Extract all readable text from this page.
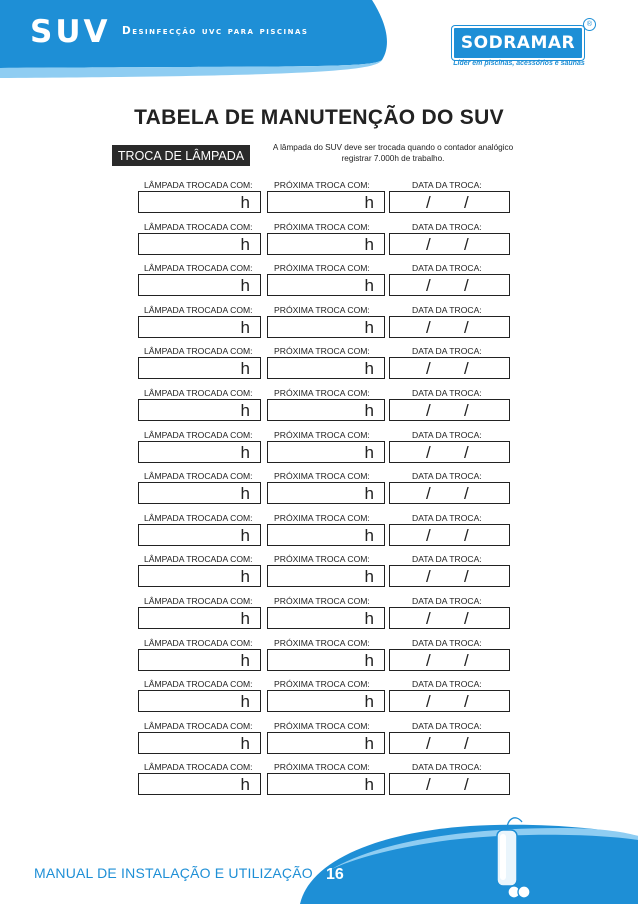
SUV Desinfecção uvc para piscinas
SODRAMAR
®
Líder em piscinas, acessórios e saunas
TABELA DE MANUTENÇÃO DO SUV
TROCA DE LÂMPADA
A lâmpada do SUV deve ser trocada quando o contador analógico registrar 7.000h de trabalho.
LÂMPADA TROCADA COM:
h
PRÓXIMA TROCA COM:
h
DATA DA TROCA:
/ /
LÂMPADA TROCADA COM:
h
PRÓXIMA TROCA COM:
h
DATA DA TROCA:
/ /
LÂMPADA TROCADA COM:
h
PRÓXIMA TROCA COM:
h
DATA DA TROCA:
/ /
LÂMPADA TROCADA COM:
h
PRÓXIMA TROCA COM:
h
DATA DA TROCA:
/ /
LÂMPADA TROCADA COM:
h
PRÓXIMA TROCA COM:
h
DATA DA TROCA:
/ /
LÂMPADA TROCADA COM:
h
PRÓXIMA TROCA COM:
h
DATA DA TROCA:
/ /
LÂMPADA TROCADA COM:
h
PRÓXIMA TROCA COM:
h
DATA DA TROCA:
/ /
LÂMPADA TROCADA COM:
h
PRÓXIMA TROCA COM:
h
DATA DA TROCA:
/ /
LÂMPADA TROCADA COM:
h
PRÓXIMA TROCA COM:
h
DATA DA TROCA:
/ /
LÂMPADA TROCADA COM:
h
PRÓXIMA TROCA COM:
h
DATA DA TROCA:
/ /
LÂMPADA TROCADA COM:
h
PRÓXIMA TROCA COM:
h
DATA DA TROCA:
/ /
LÂMPADA TROCADA COM:
h
PRÓXIMA TROCA COM:
h
DATA DA TROCA:
/ /
LÂMPADA TROCADA COM:
h
PRÓXIMA TROCA COM:
h
DATA DA TROCA:
/ /
LÂMPADA TROCADA COM:
h
PRÓXIMA TROCA COM:
h
DATA DA TROCA:
/ /
LÂMPADA TROCADA COM:
h
PRÓXIMA TROCA COM:
h
DATA DA TROCA:
/ /
MANUAL DE INSTALAÇÃO E UTILIZAÇÃO 16
